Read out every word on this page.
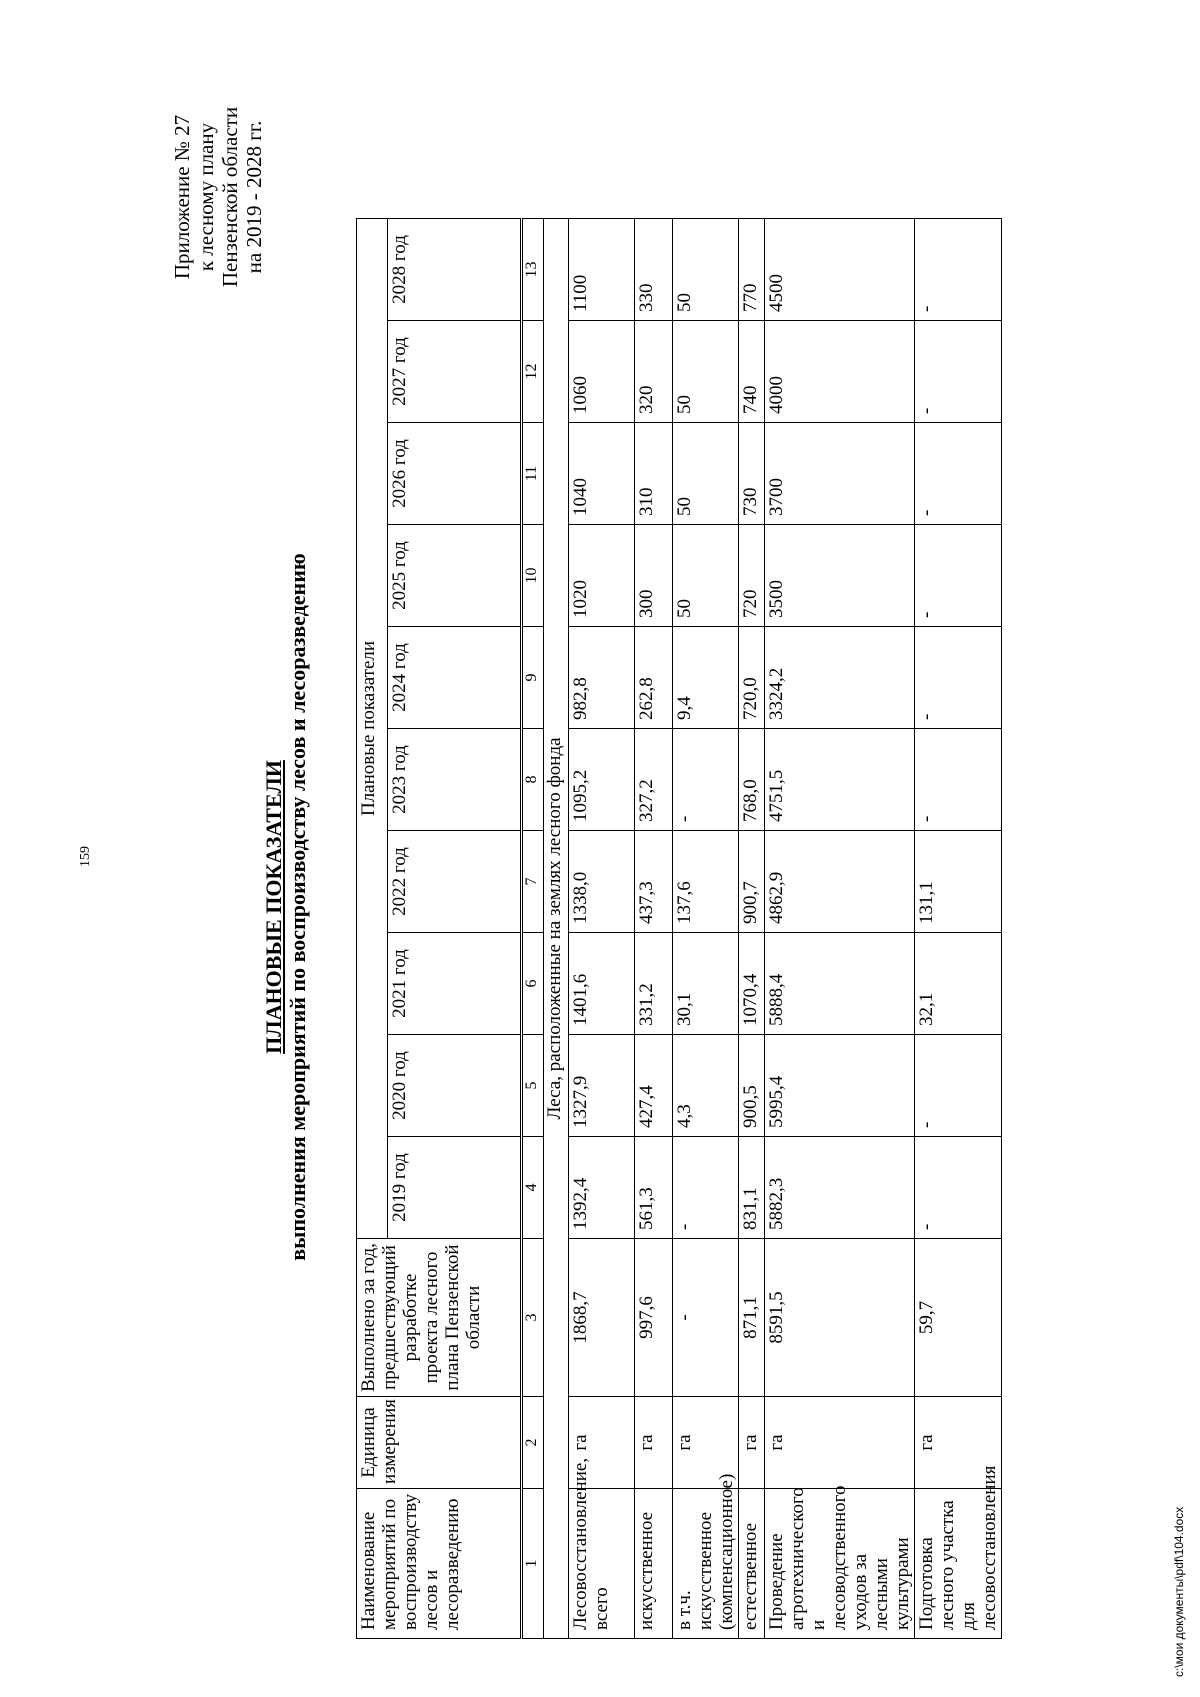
159
c:\мои документы\pdf\104.docx
Приложение № 27 к лесному плану Пензенской области на 2019 - 2028 гг.
ПЛАНОВЫЕ ПОКАЗАТЕЛИ выполнения мероприятий по воспроизводству лесов и лесоразведению
Наименование мероприятий по воспроизводству лесов и лесоразведению	Единица измерения	Выполнено за год, предшествующий разработке проекта лесного плана Пензенской области	Плановые показатели									
			2019 год	2020 год	2021 год	2022 год	2023 год	2024 год	2025 год	2026 год	2027 год	2028 год
1	2	3	4	5	6	7	8	9	10	11	12	13
Леса, расположенные на землях лесного фонда												
Лесовосстановление, всего	га	1868,7	1392,4	1327,9	1401,6	1338,0	1095,2	982,8	1020	1040	1060	1100
искусственное	га	997,6	561,3	427,4	331,2	437,3	327,2	262,8	300	310	320	330
в т.ч. искусственное (компенсационное)	га	-	-	4,3	30,1	137,6	-	9,4	50	50	50	50
естественное	га	871,1	831,1	900,5	1070,4	900,7	768,0	720,0	720	730	740	770
Проведение агротехнического и лесоводственного уходов за лесными культурами	га	8591,5	5882,3	5995,4	5888,4	4862,9	4751,5	3324,2	3500	3700	4000	4500
Подготовка лесного участка для лесовосстановления	га	59,7	-	-	32,1	131,1	-	-	-	-	-	-
